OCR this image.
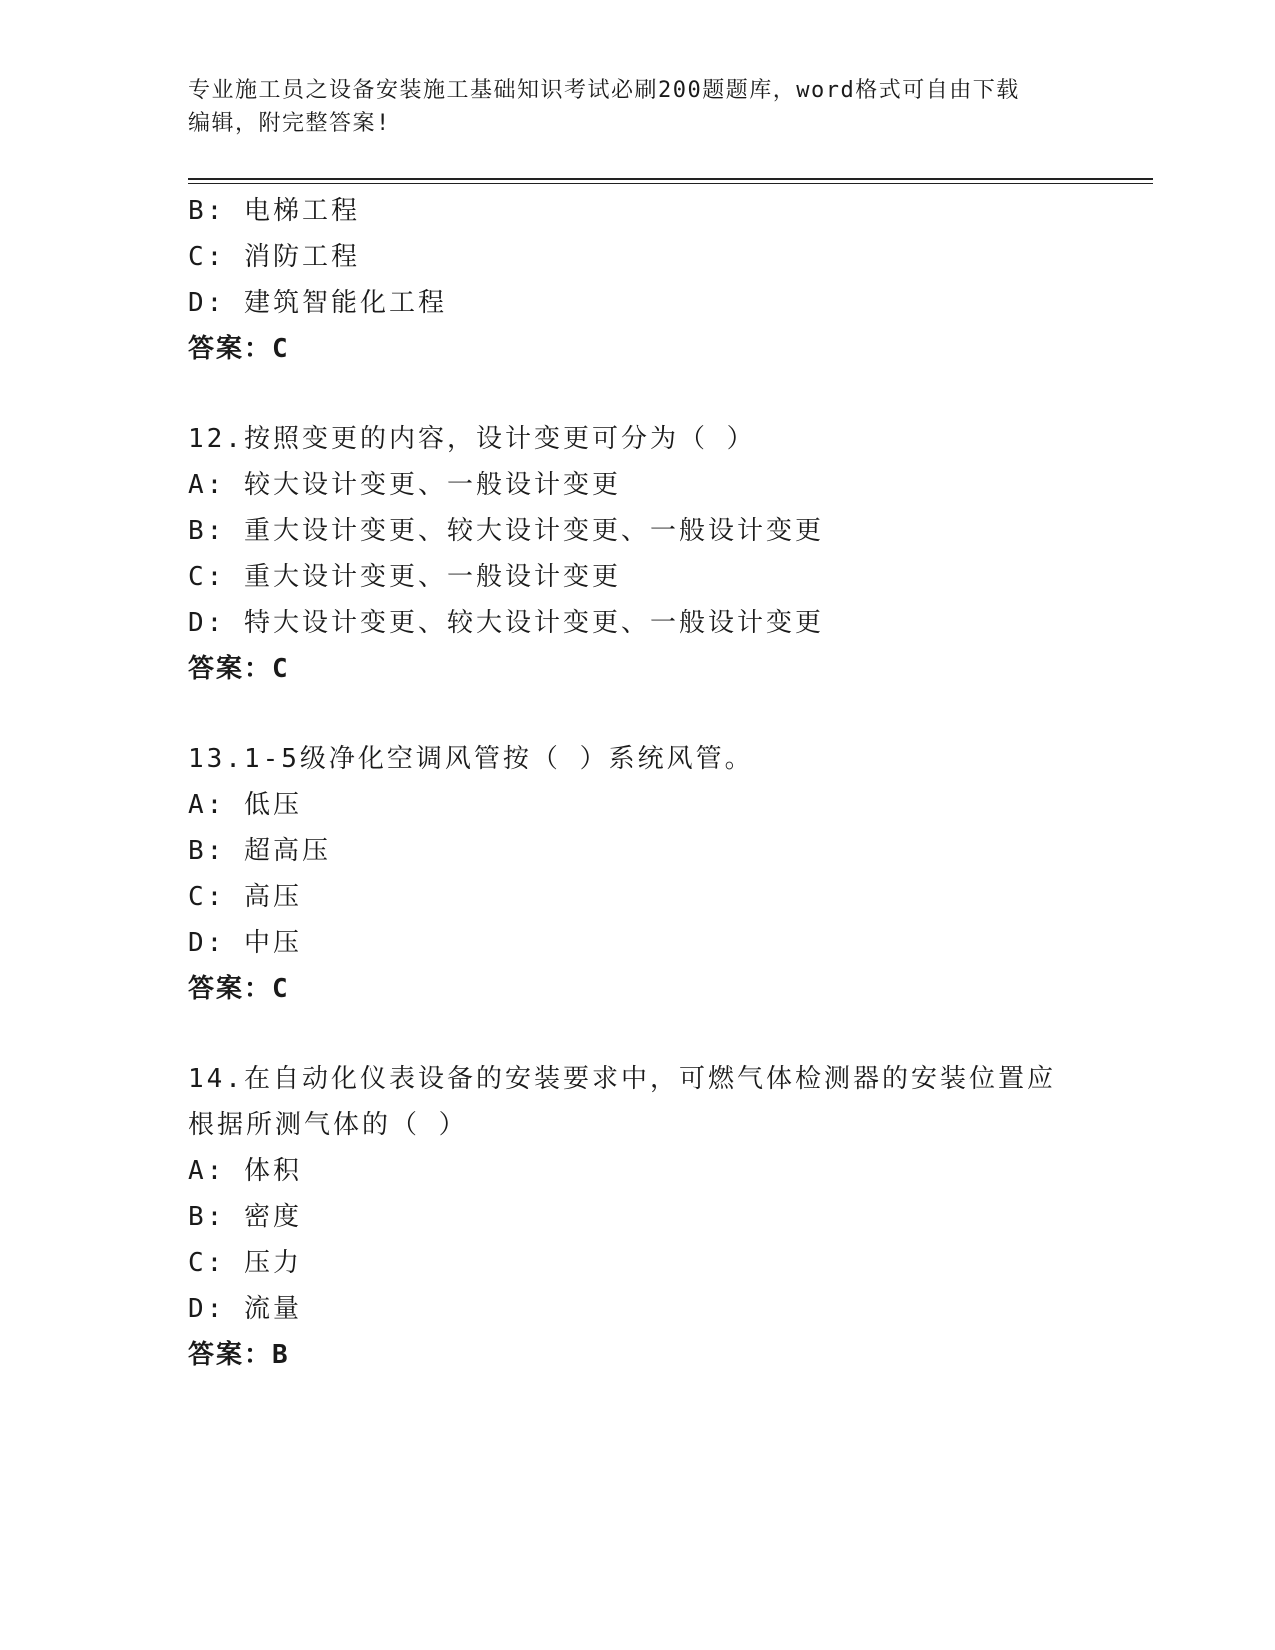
专业施工员之设备安装施工基础知识考试必刷200题题库，word格式可自由下载
编辑，附完整答案!
B: 电梯工程
C: 消防工程
D: 建筑智能化工程
答案：C
12.按照变更的内容，设计变更可分为（ ）
A: 较大设计变更、一般设计变更
B: 重大设计变更、较大设计变更、一般设计变更
C: 重大设计变更、一般设计变更
D: 特大设计变更、较大设计变更、一般设计变更
答案：C
13.1-5级净化空调风管按（ ）系统风管。
A: 低压
B: 超高压
C: 高压
D: 中压
答案：C
14.在自动化仪表设备的安装要求中，可燃气体检测器的安装位置应根据所测气体的（ ）
A: 体积
B: 密度
C: 压力
D: 流量
答案：B
